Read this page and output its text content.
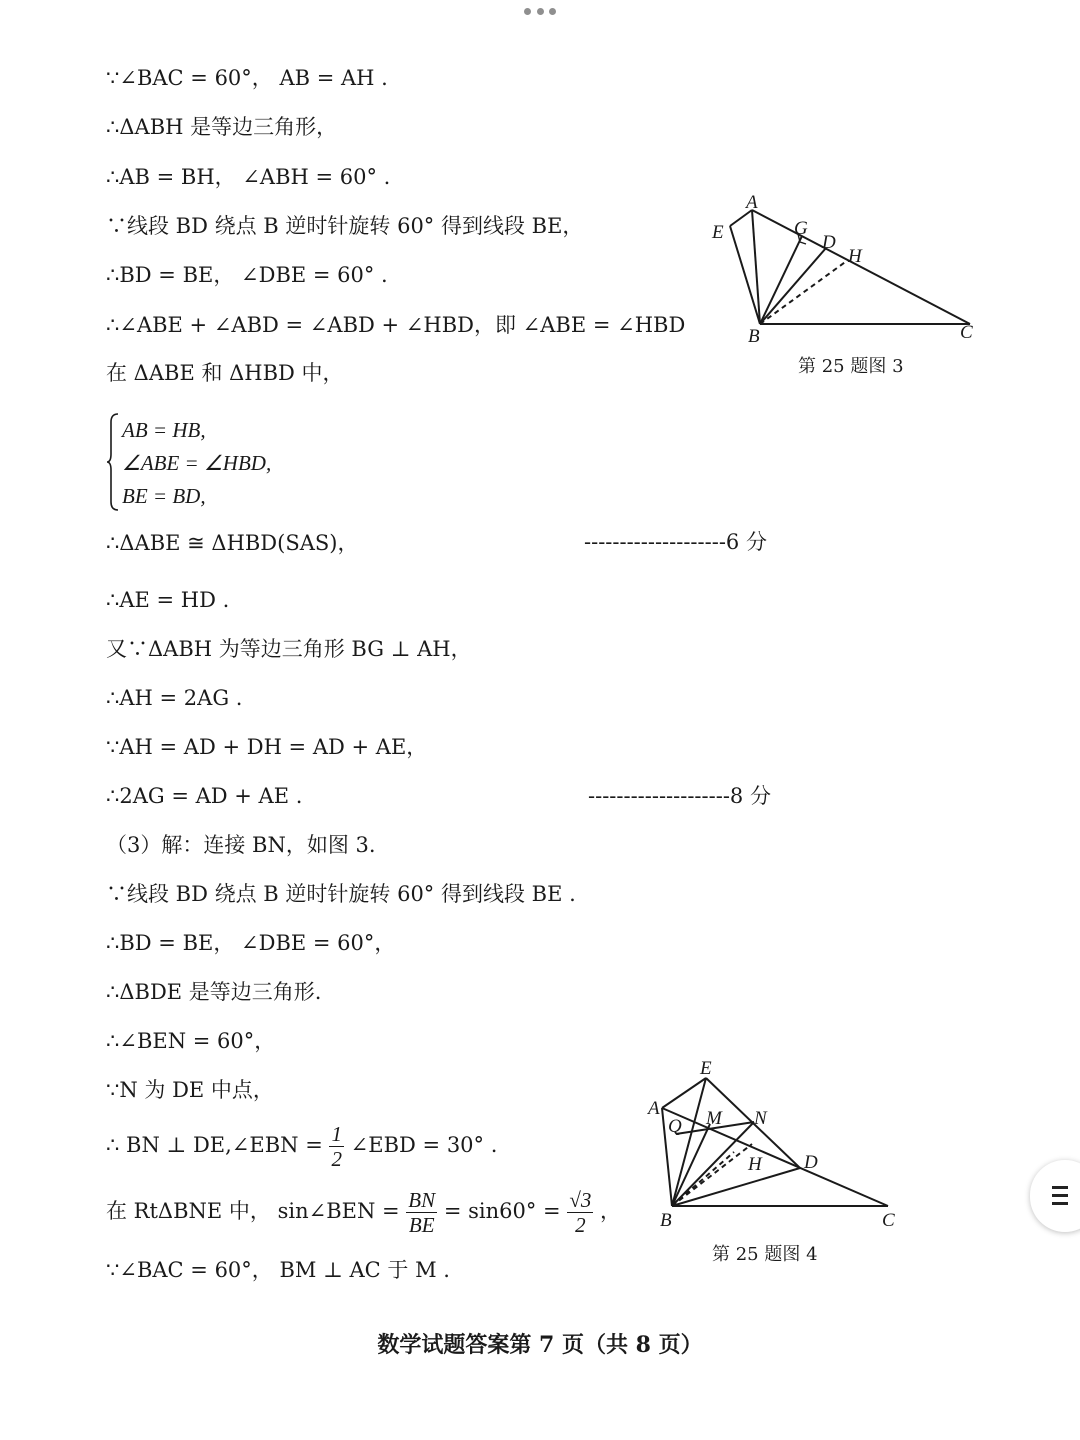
∵∠BAC = 60°， AB = AH .
∴ΔABH 是等边三角形，
∴AB = BH， ∠ABH = 60° .
∵线段 BD 绕点 B 逆时针旋转 60° 得到线段 BE，
∴BD = BE， ∠DBE = 60° .
∴∠ABE + ∠ABD = ∠ABD + ∠HBD，即 ∠ABE = ∠HBD
在 ΔABE 和 ΔHBD 中，
AB = HB,
∠ABE = ∠HBD,
BE = BD,
∴ΔABE ≅ ΔHBD(SAS)，	--------------------6 分
∴AE = HD .
又∵ΔABH 为等边三角形 BG ⊥ AH，
∴AH = 2AG .
∵AH = AD + DH = AD + AE，
∴2AG = AD + AE .	--------------------8 分
（3）解：连接 BN，如图 3.
∵线段 BD 绕点 B 逆时针旋转 60° 得到线段 BE .
∴BD = BE， ∠DBE = 60°，
∴ΔBDE 是等边三角形.
∴∠BEN = 60°，
∵N 为 DE 中点，
∴ BN ⊥ DE,∠EBN = $\frac{1}{2}$ ∠EBD = 30° .
在 RtΔBNE 中， sin∠BEN = $\frac{BN}{BE} = \sin 60^\circ = \frac{√3}{2}$ ，
∵∠BAC = 60°， BM ⊥ AC 于 M .
A
E	G
D
H
B	C
第 25 题图 3
E
A
Q M N
H D
B	C
第 25 题图 4
数学试题答案第 7 页（共 8 页）
